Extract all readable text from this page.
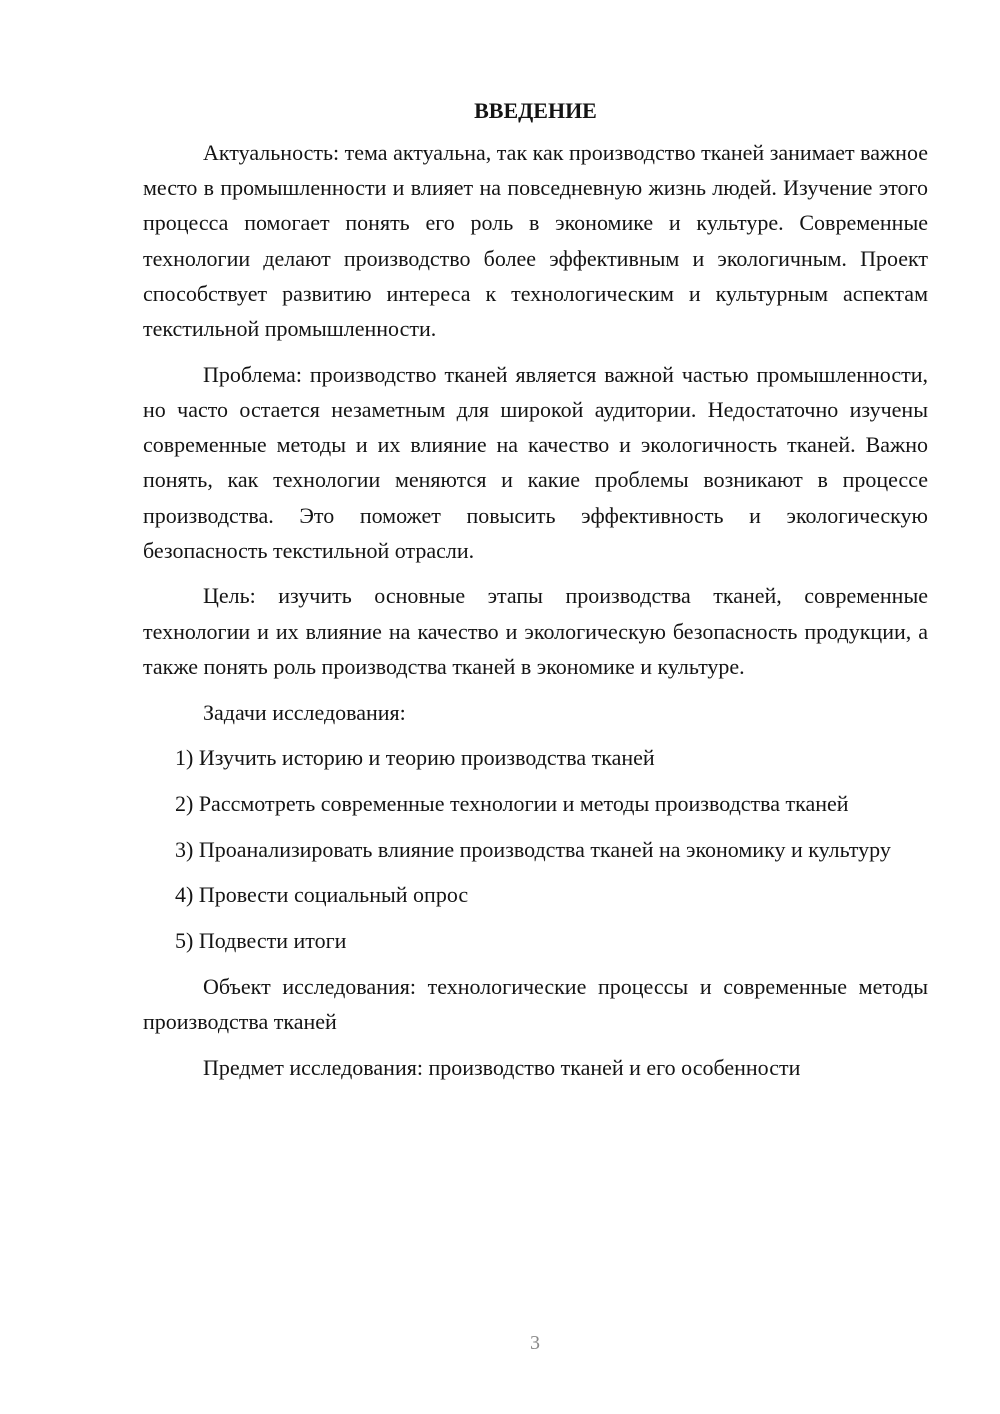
ВВЕДЕНИЕ

Актуальность: тема актуальна, так как производство тканей занимает важное место в промышленности и влияет на повседневную жизнь людей. Изучение этого процесса помогает понять его роль в экономике и культуре. Современные технологии делают производство более эффективным и экологичным. Проект способствует развитию интереса к технологическим и культурным аспектам текстильной промышленности.

Проблема: производство тканей является важной частью промышленности, но часто остается незаметным для широкой аудитории. Недостаточно изучены современные методы и их влияние на качество и экологичность тканей. Важно понять, как технологии меняются и какие проблемы возникают в процессе производства. Это поможет повысить эффективность и экологическую безопасность текстильной отрасли.

Цель: изучить основные этапы производства тканей, современные технологии и их влияние на качество и экологическую безопасность продукции, а также понять роль производства тканей в экономике и культуре.

Задачи исследования:

1) Изучить историю и теорию производства тканей

2) Рассмотреть современные технологии и методы производства тканей

3) Проанализировать влияние производства тканей на экономику и культуру

4) Провести социальный опрос

5) Подвести итоги

Объект исследования: технологические процессы и современные методы производства тканей

Предмет исследования: производство тканей и его особенности

3
